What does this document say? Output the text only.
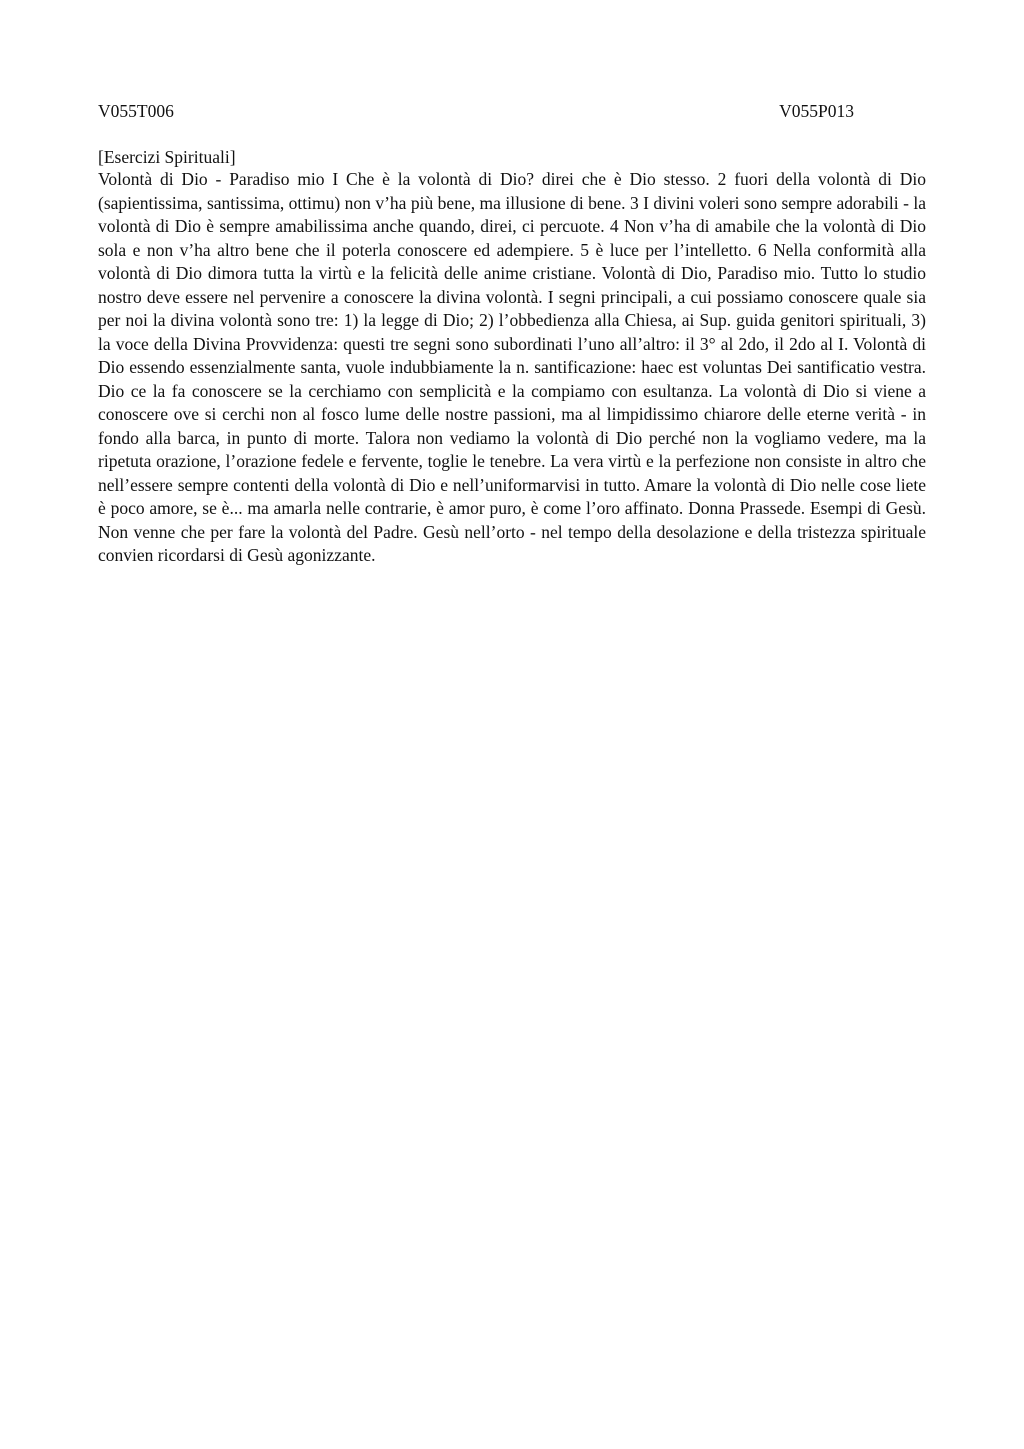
V055T006	V055P013
[Esercizi Spirituali]

Volontà di Dio - Paradiso mio I Che è la volontà di Dio? direi che è Dio stesso. 2 fuori della volontà di Dio (sapientissima, santissima, ottimu) non v’ha più bene, ma illusione di bene. 3 I divini voleri sono sempre adorabili - la volontà di Dio è sempre amabilissima anche quando, direi, ci percuote. 4 Non v’ha di amabile che la volontà di Dio sola e non v’ha altro bene che il poterla conoscere ed adempiere. 5 è luce per l’intelletto. 6 Nella conformità alla volontà di Dio dimora tutta la virtù e la felicità delle anime cristiane. Volontà di Dio, Paradiso mio. Tutto lo studio nostro deve essere nel pervenire a conoscere la divina volontà. I segni principali, a cui possiamo conoscere quale sia per noi la divina volontà sono tre: 1) la legge di Dio; 2) l’obbedienza alla Chiesa, ai Sup. guida genitori spirituali, 3) la voce della Divina Provvidenza: questi tre segni sono subordinati l’uno all’altro: il 3° al 2do, il 2do al I. Volontà di Dio essendo essenzialmente santa, vuole indubbiamente la n. santificazione: haec est voluntas Dei santificatio vestra. Dio ce la fa conoscere se la cerchiamo con semplicità e la compiamo con esultanza. La volontà di Dio si viene a conoscere ove si cerchi non al fosco lume delle nostre passioni, ma al limpidissimo chiarore delle eterne verità - in fondo alla barca, in punto di morte. Talora non vediamo la volontà di Dio perché non la vogliamo vedere, ma la ripetuta orazione, l’orazione fedele e fervente, toglie le tenebre. La vera virtù e la perfezione non consiste in altro che nell’essere sempre contenti della volontà di Dio e nell’uniformarvisi in tutto. Amare la volontà di Dio nelle cose liete è poco amore, se è... ma amarla nelle contrarie, è amor puro, è come l’oro affinato. Donna Prassede. Esempi di Gesù. Non venne che per fare la volontà del Padre. Gesù nell’orto - nel tempo della desolazione e della tristezza spirituale convien ricordarsi di Gesù agonizzante.
